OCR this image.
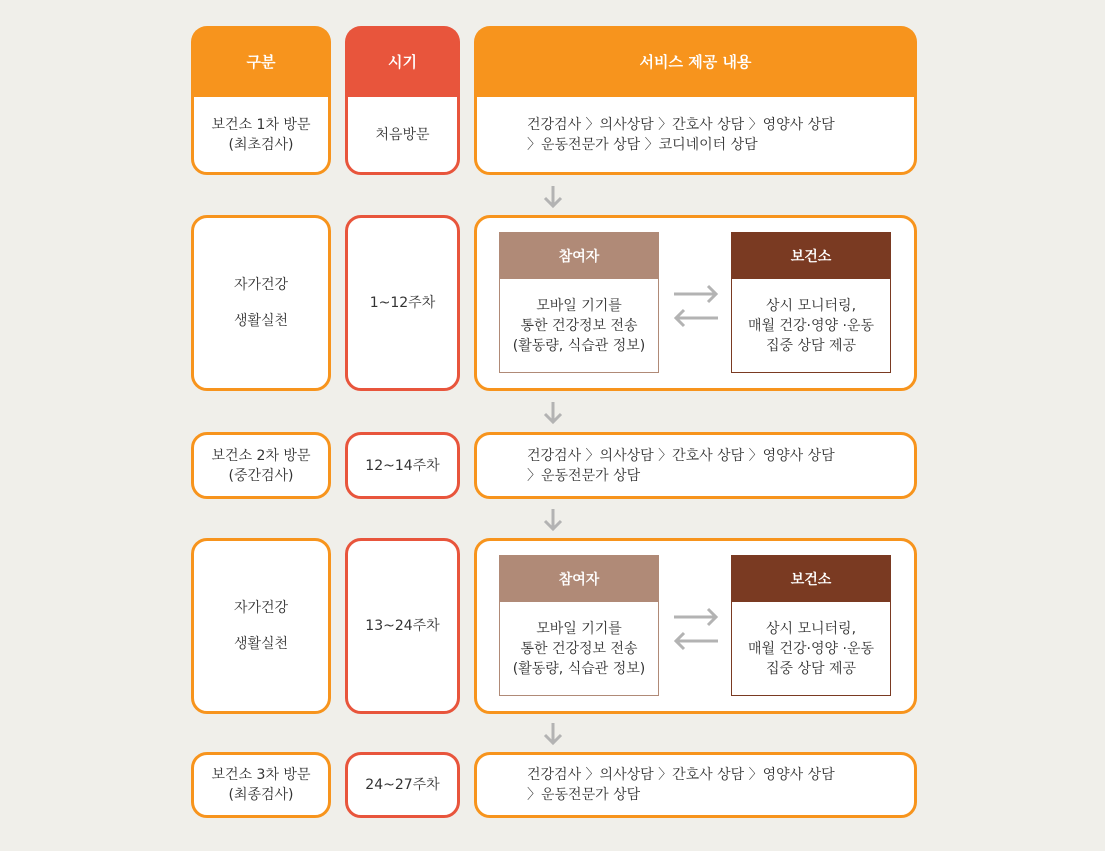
구분	시기	서비스 제공 내용
보건소 1차 방문
(최초검사)
처음방문
건강검사 〉의사상담 〉간호사 상담 〉영양사 상담
〉운동전문가 상담 〉코디네이터 상담
자가건강
생활실천
1~12주차
참여자
모바일 기기를
통한 건강정보 전송
(활동량, 식습관 정보)
보건소
상시 모니터링,
매월 건강·영양 ·운동
집중 상담 제공
보건소 2차 방문
(중간검사)
12~14주차
건강검사 〉의사상담 〉간호사 상담 〉영양사 상담
〉운동전문가 상담
자가건강
생활실천
13~24주차
참여자
모바일 기기를
통한 건강정보 전송
(활동량, 식습관 정보)
보건소
상시 모니터링,
매월 건강·영양 ·운동
집중 상담 제공
보건소 3차 방문
(최종검사)
24~27주차
건강검사 〉의사상담 〉간호사 상담 〉영양사 상담
〉운동전문가 상담
